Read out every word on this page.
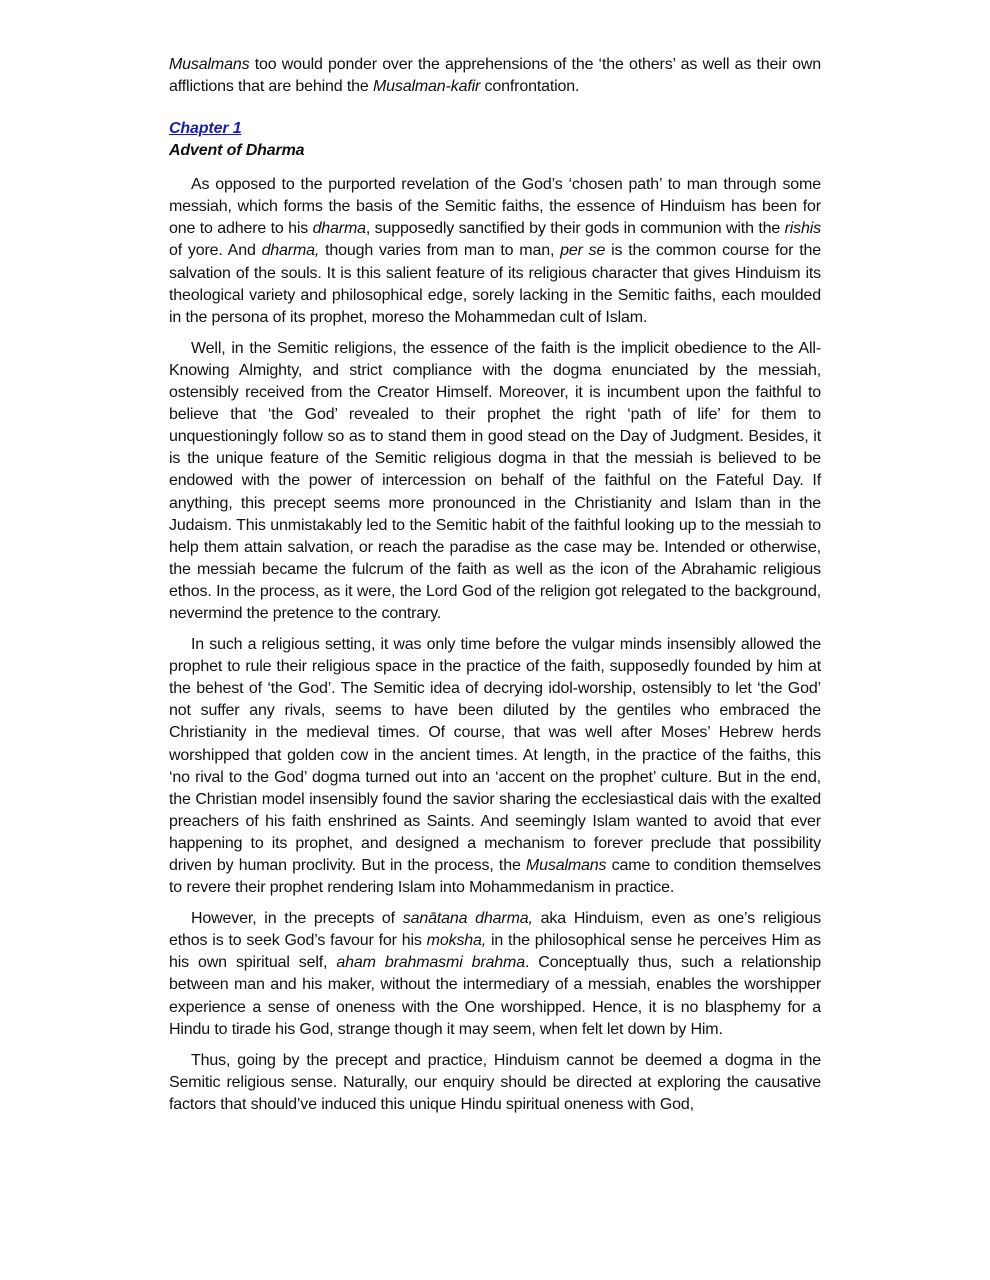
Musalmans too would ponder over the apprehensions of the ‘the others’ as well as their own afflictions that are behind the Musalman-kafir confrontation.

Chapter 1
Advent of Dharma

As opposed to the purported revelation of the God’s ‘chosen path’ to man through some messiah, which forms the basis of the Semitic faiths, the essence of Hinduism has been for one to adhere to his dharma, supposedly sanctified by their gods in communion with the rishis of yore. And dharma, though varies from man to man, per se is the common course for the salvation of the souls. It is this salient feature of its religious character that gives Hinduism its theological variety and philosophical edge, sorely lacking in the Semitic faiths, each moulded in the persona of its prophet, moreso the Mohammedan cult of Islam.

Well, in the Semitic religions, the essence of the faith is the implicit obedience to the All-Knowing Almighty, and strict compliance with the dogma enunciated by the messiah, ostensibly received from the Creator Himself. Moreover, it is incumbent upon the faithful to believe that ‘the God’ revealed to their prophet the right ‘path of life’ for them to unquestioningly follow so as to stand them in good stead on the Day of Judgment. Besides, it is the unique feature of the Semitic religious dogma in that the messiah is believed to be endowed with the power of intercession on behalf of the faithful on the Fateful Day. If anything, this precept seems more pronounced in the Christianity and Islam than in the Judaism. This unmistakably led to the Semitic habit of the faithful looking up to the messiah to help them attain salvation, or reach the paradise as the case may be. Intended or otherwise, the messiah became the fulcrum of the faith as well as the icon of the Abrahamic religious ethos. In the process, as it were, the Lord God of the religion got relegated to the background, nevermind the pretence to the contrary.

In such a religious setting, it was only time before the vulgar minds insensibly allowed the prophet to rule their religious space in the practice of the faith, supposedly founded by him at the behest of ‘the God’. The Semitic idea of decrying idol-worship, ostensibly to let ‘the God’ not suffer any rivals, seems to have been diluted by the gentiles who embraced the Christianity in the medieval times. Of course, that was well after Moses’ Hebrew herds worshipped that golden cow in the ancient times. At length, in the practice of the faiths, this ‘no rival to the God’ dogma turned out into an ‘accent on the prophet’ culture. But in the end, the Christian model insensibly found the savior sharing the ecclesiastical dais with the exalted preachers of his faith enshrined as Saints. And seemingly Islam wanted to avoid that ever happening to its prophet, and designed a mechanism to forever preclude that possibility driven by human proclivity. But in the process, the Musalmans came to condition themselves to revere their prophet rendering Islam into Mohammedanism in practice.

However, in the precepts of sanātana dharma, aka Hinduism, even as one’s religious ethos is to seek God’s favour for his moksha, in the philosophical sense he perceives Him as his own spiritual self, aham brahmasmi brahma. Conceptually thus, such a relationship between man and his maker, without the intermediary of a messiah, enables the worshipper experience a sense of oneness with the One worshipped. Hence, it is no blasphemy for a Hindu to tirade his God, strange though it may seem, when felt let down by Him.

Thus, going by the precept and practice, Hinduism cannot be deemed a dogma in the Semitic religious sense. Naturally, our enquiry should be directed at exploring the causative factors that should’ve induced this unique Hindu spiritual oneness with God,
